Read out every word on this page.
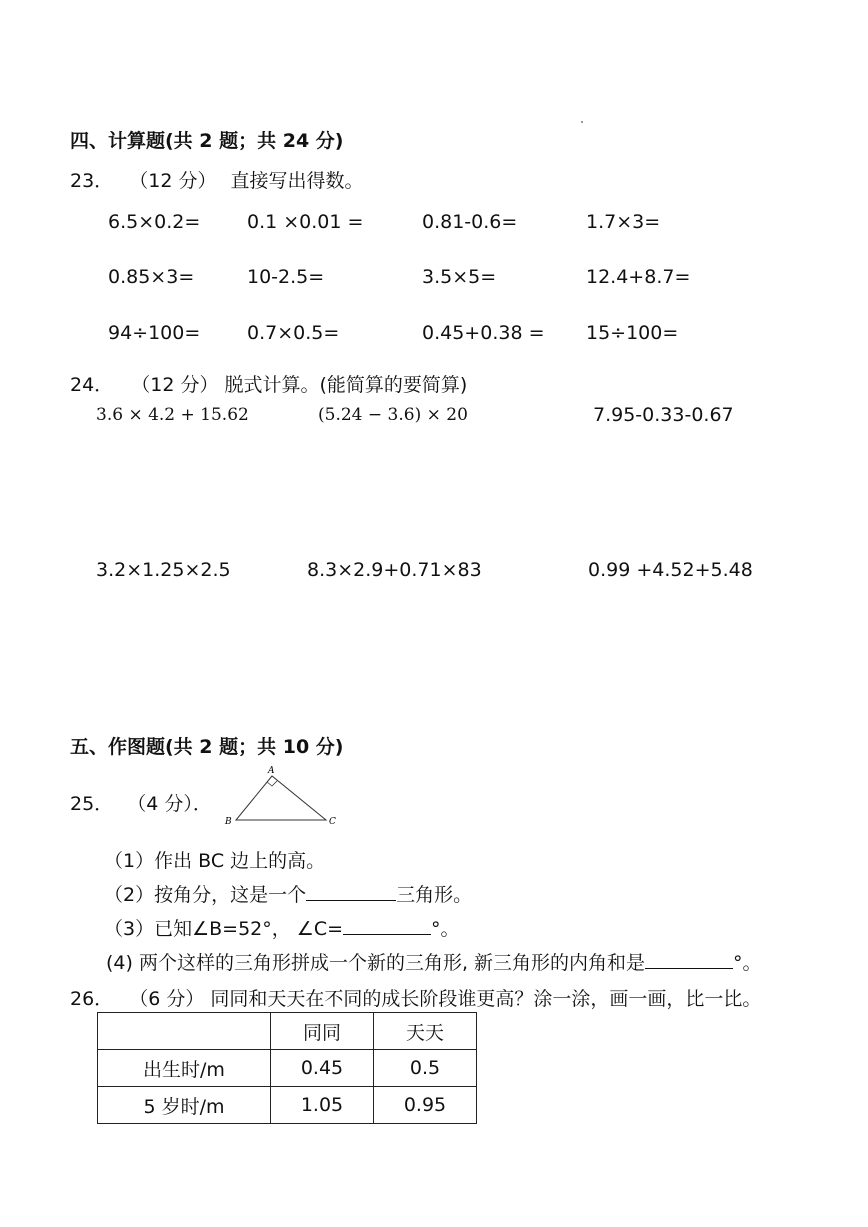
四、计算题(共 2 题；共 24 分)
23． （12 分） 直接写出得数。
6.5×0.2= 0.1 ×0.01 =	0.81-0.6=	1.7×3=
0.85×3=	10-2.5=	3.5×5=	12.4+8.7=
94÷100= 0.7×0.5=	0.45+0.38 = 15÷100=
24． （12 分） 脱式计算。(能简算的要简算)
3.6 × 4.2 + 15.62	(5.24 − 3.6) × 20	7.95-0.33-0.67
3.2×1.25×2.5	8.3×2.9+0.71×83	0.99 +4.52+5.48
五、作图题(共 2 题；共 10 分)
25． （4 分）．
A
B	C
（1）作出 BC 边上的高。
（2）按角分，这是一个	三角形。
（3）已知∠B=52°， ∠C=	°。
(4) 两个这样的三角形拼成一个新的三角形, 新三角形的内角和是	°。
26． （6 分） 同同和天天在不同的成长阶段谁更高？涂一涂，画一画，比一比。
	同同	天天
出生时/m	0.45	0.5
5 岁时/m	1.05	0.95
